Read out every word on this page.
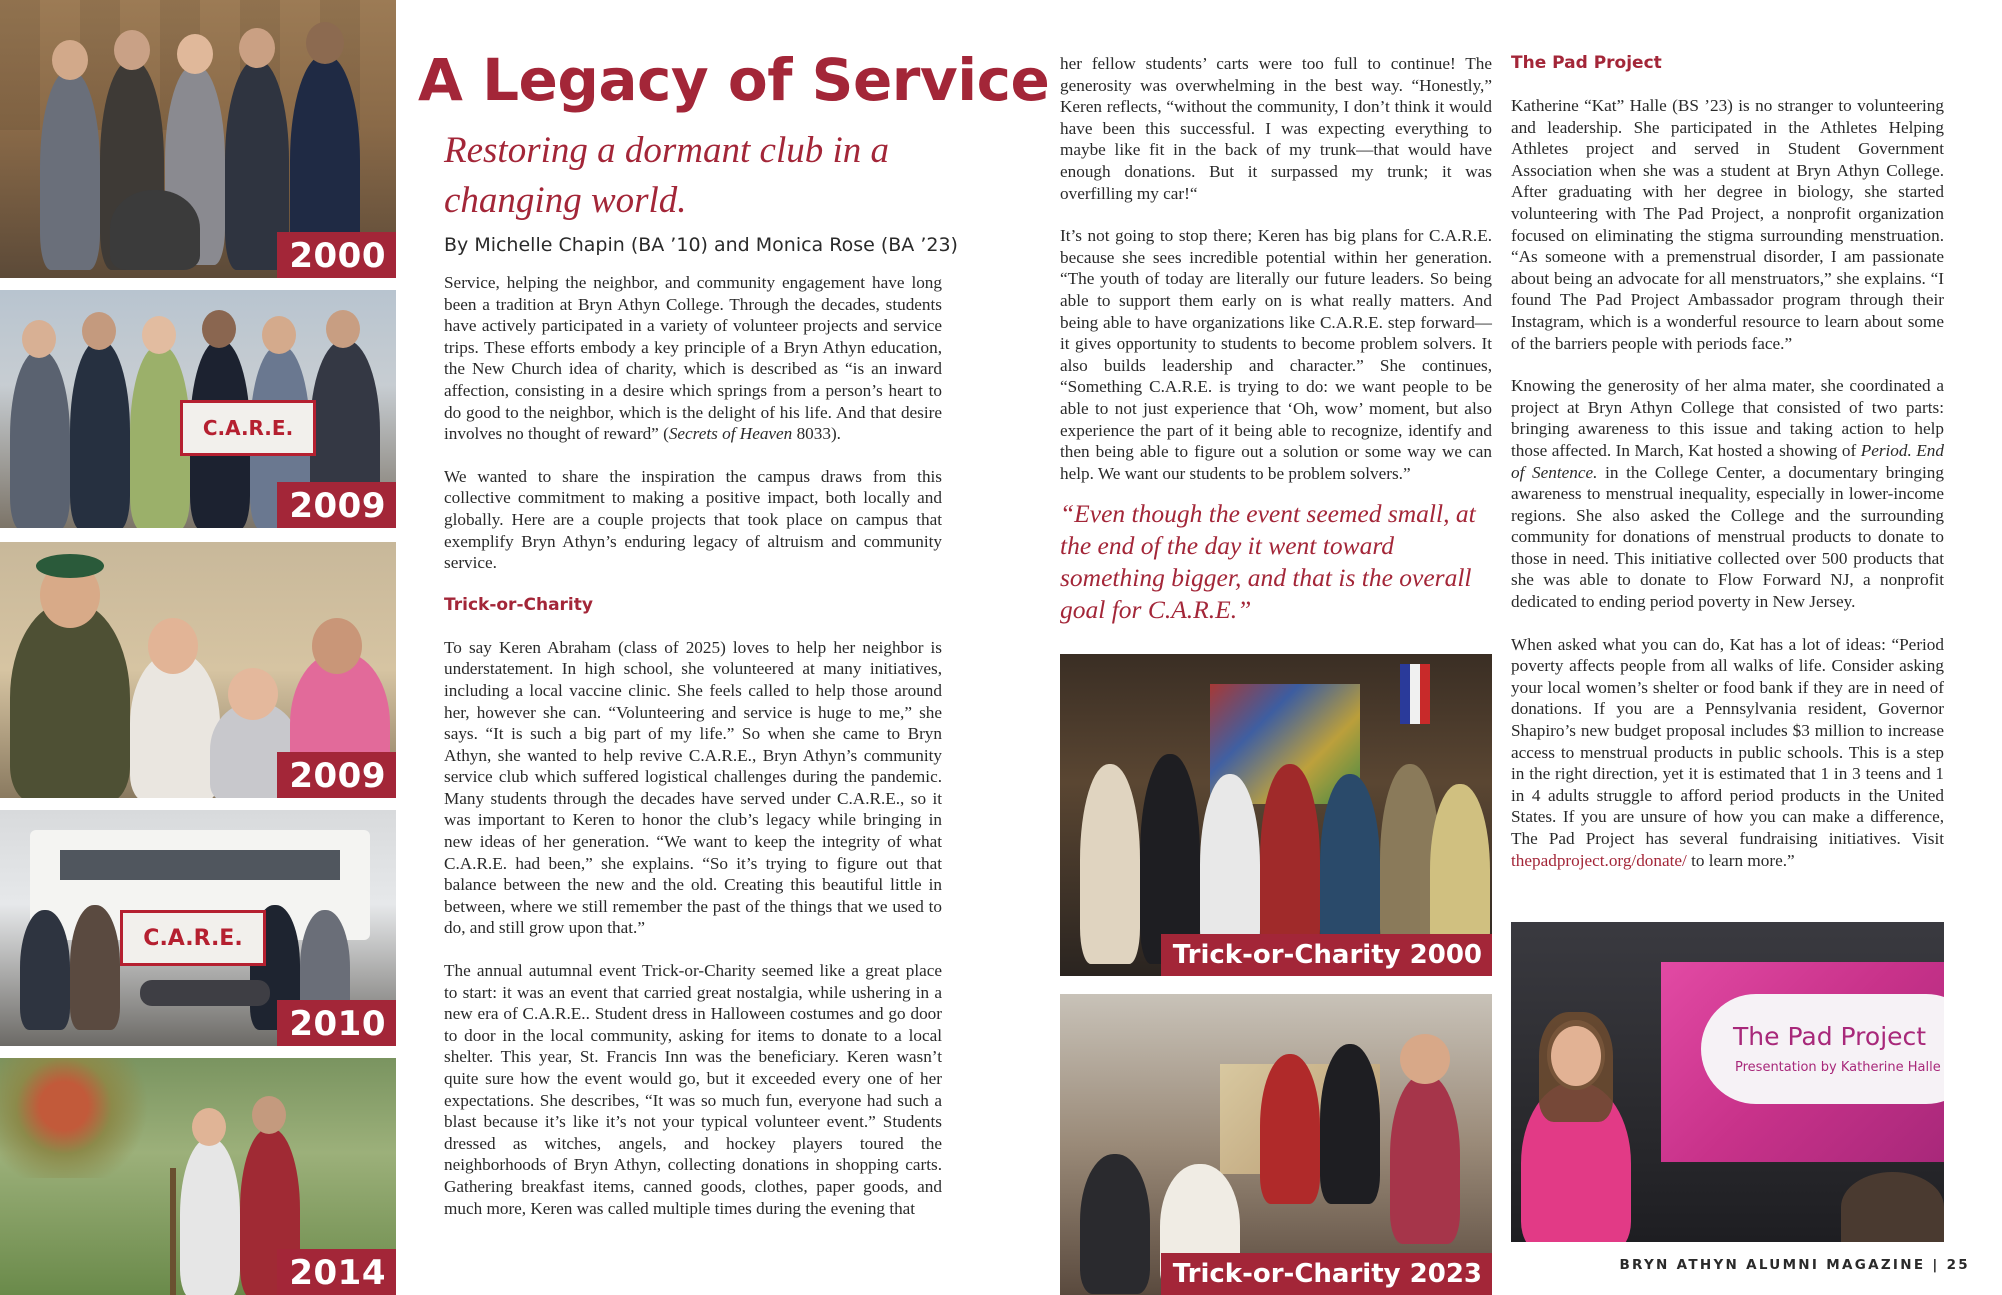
2000
C.A.R.E.
2009
2009
C.A.R.E.
2010
2014
A Legacy of Service

Restoring a dormant club in a changing world.

By Michelle Chapin (BA ’10) and Monica Rose (BA ’23)

Service, helping the neighbor, and community engagement have long been a tradition at Bryn Athyn College. Through the decades, students have actively participated in a variety of volunteer projects and service trips. These efforts embody a key principle of a Bryn Athyn education, the New Church idea of charity, which is described as “is an inward affection, consisting in a desire which springs from a person’s heart to do good to the neighbor, which is the delight of his life. And that desire involves no thought of reward” (Secrets of Heaven 8033).

We wanted to share the inspiration the campus draws from this collective commitment to making a positive impact, both locally and globally. Here are a couple projects that took place on campus that exemplify Bryn Athyn’s enduring legacy of altruism and community service.

Trick-or-Charity

To say Keren Abraham (class of 2025) loves to help her neighbor is understatement. In high school, she volunteered at many initiatives, including a local vaccine clinic. She feels called to help those around her, however she can. “Volunteering and service is huge to me,” she says. “It is such a big part of my life.” So when she came to Bryn Athyn, she wanted to help revive C.A.R.E., Bryn Athyn’s community service club which suffered logistical challenges during the pandemic. Many students through the decades have served under C.A.R.E., so it was important to Keren to honor the club’s legacy while bringing in new ideas of her generation. “We want to keep the integrity of what C.A.R.E. had been,” she explains. “So it’s trying to figure out that balance between the new and the old. Creating this beautiful little in between, where we still remember the past of the things that we used to do, and still grow upon that.”

The annual autumnal event Trick-or-Charity seemed like a great place to start: it was an event that carried great nostalgia, while ushering in a new era of C.A.R.E.. Student dress in Halloween costumes and go door to door in the local community, asking for items to donate to a local shelter. This year, St. Francis Inn was the beneficiary. Keren wasn’t quite sure how the event would go, but it exceeded every one of her expectations. She describes, “It was so much fun, everyone had such a blast because it’s like it’s not your typical volunteer event.” Students dressed as witches, angels, and hockey players toured the neighborhoods of Bryn Athyn, collecting donations in shopping carts. Gathering breakfast items, canned goods, clothes, paper goods, and much more, Keren was called multiple times during the evening that

her fellow students’ carts were too full to continue! The generosity was overwhelming in the best way. “Honestly,” Keren reflects, “without the community, I don’t think it would have been this successful. I was expecting everything to maybe like fit in the back of my trunk—that would have enough donations. But it surpassed my trunk; it was overfilling my car!“

It’s not going to stop there; Keren has big plans for C.A.R.E. because she sees incredible potential within her generation. “The youth of today are literally our future leaders. So being able to support them early on is what really matters. And being able to have organizations like C.A.R.E. step forward—it gives opportunity to students to become problem solvers. It also builds leadership and character.” She continues, “Something C.A.R.E. is trying to do: we want people to be able to not just experience that ‘Oh, wow’ moment, but also experience the part of it being able to recognize, identify and then being able to figure out a solution or some way we can help. We want our students to be problem solvers.”

“Even though the event seemed small, at the end of the day it went toward something bigger, and that is the overall goal for C.A.R.E.”

Trick-or-Charity 2000
Trick-or-Charity 2023
The Pad Project

Katherine “Kat” Halle (BS ’23) is no stranger to volunteering and leadership. She participated in the Athletes Helping Athletes project and served in Student Government Association when she was a student at Bryn Athyn College. After graduating with her degree in biology, she started volunteering with The Pad Project, a nonprofit organization focused on eliminating the stigma surrounding menstruation. “As someone with a premenstrual disorder, I am passionate about being an advocate for all menstruators,” she explains. “I found The Pad Project Ambassador program through their Instagram, which is a wonderful resource to learn about some of the barriers people with periods face.”

Knowing the generosity of her alma mater, she coordinated a project at Bryn Athyn College that consisted of two parts: bringing awareness to this issue and taking action to help those affected. In March, Kat hosted a showing of Period. End of Sentence. in the College Center, a documentary bringing awareness to menstrual inequality, especially in lower-income regions. She also asked the College and the surrounding community for donations of menstrual products to donate to those in need. This initiative collected over 500 products that she was able to donate to Flow Forward NJ, a nonprofit dedicated to ending period poverty in New Jersey.

When asked what you can do, Kat has a lot of ideas: “Period poverty affects people from all walks of life. Consider asking your local women’s shelter or food bank if they are in need of donations. If you are a Pennsylvania resident, Governor Shapiro’s new budget proposal includes $3 million to increase access to menstrual products in public schools. This is a step in the right direction, yet it is estimated that 1 in 3 teens and 1 in 4 adults struggle to afford period products in the United States. If you are unsure of how you can make a difference, The Pad Project has several fundraising initiatives. Visit thepadproject.org/donate/ to learn more.”

The Pad Project
Presentation by Katherine Halle
BRYN ATHYN ALUMNI MAGAZINE | 25
